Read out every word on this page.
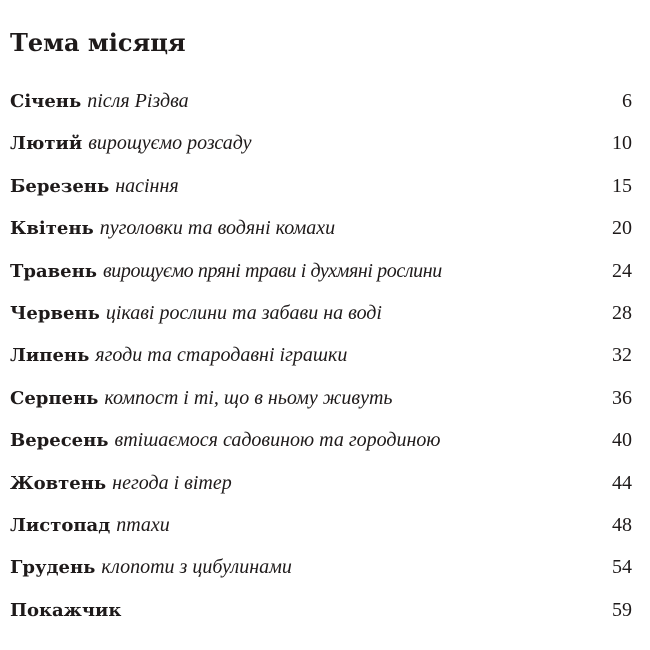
Тема місяця
Січень після Різдва . . .	6
Лютий вирощуємо розсаду . . .	10
Березень насіння . . .	15
Квітень пуголовки та водяні комахи . . .	20
Травень вирощуємо пряні трави і духмяні рослини . . .	24
Червень цікаві рослини та забави на воді . . .	28
Липень ягоди та стародавні іграшки . . .	32
Серпень компост і ті, що в ньому живуть . . .	36
Вересень втішаємося садовиною та городиною . . .	40
Жовтень негода і вітер . . .	44
Листопад птахи . . .	48
Грудень клопоти з цибулинами . . .	54
Покажчик . . .	59
